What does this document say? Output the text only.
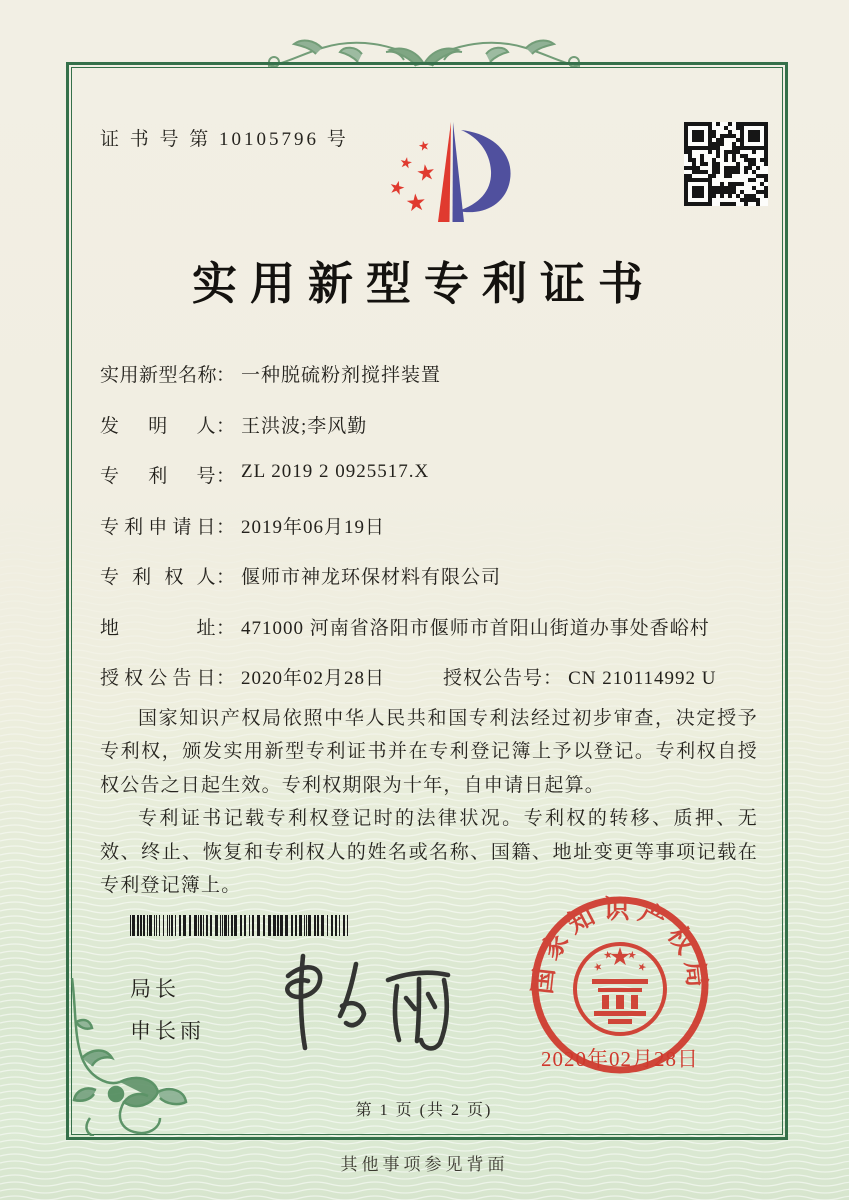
证 书 号 第 10105796 号
实用新型专利证书
实用新型名称
： 一种脱硫粉剂搅拌装置
发明人 ： 王洪波;李风勤
专利号 ： ZL 2019 2 0925517.X
专利申请日 ： 2019年06月19日
专利权人 ： 偃师市神龙环保材料有限公司
地址 ： 471000 河南省洛阳市偃师市首阳山街道办事处香峪村
授权公告日 ： 2020年02月28日	授权公告号： CN 210114992 U

国家知识产权局依照中华人民共和国专利法经过初步审查，决定授予专利权，颁发实用新型专利证书并在专利登记簿上予以登记。专利权自授权公告之日起生效。专利权期限为十年，自申请日起算。

专利证书记载专利权登记时的法律状况。专利权的转移、质押、无效、终止、恢复和专利权人的姓名或名称、国籍、地址变更等事项记载在专利登记簿上。

局长
申长雨
国家知识产权局
2020年02月28日
第 1 页 (共 2 页)
其他事项参见背面
